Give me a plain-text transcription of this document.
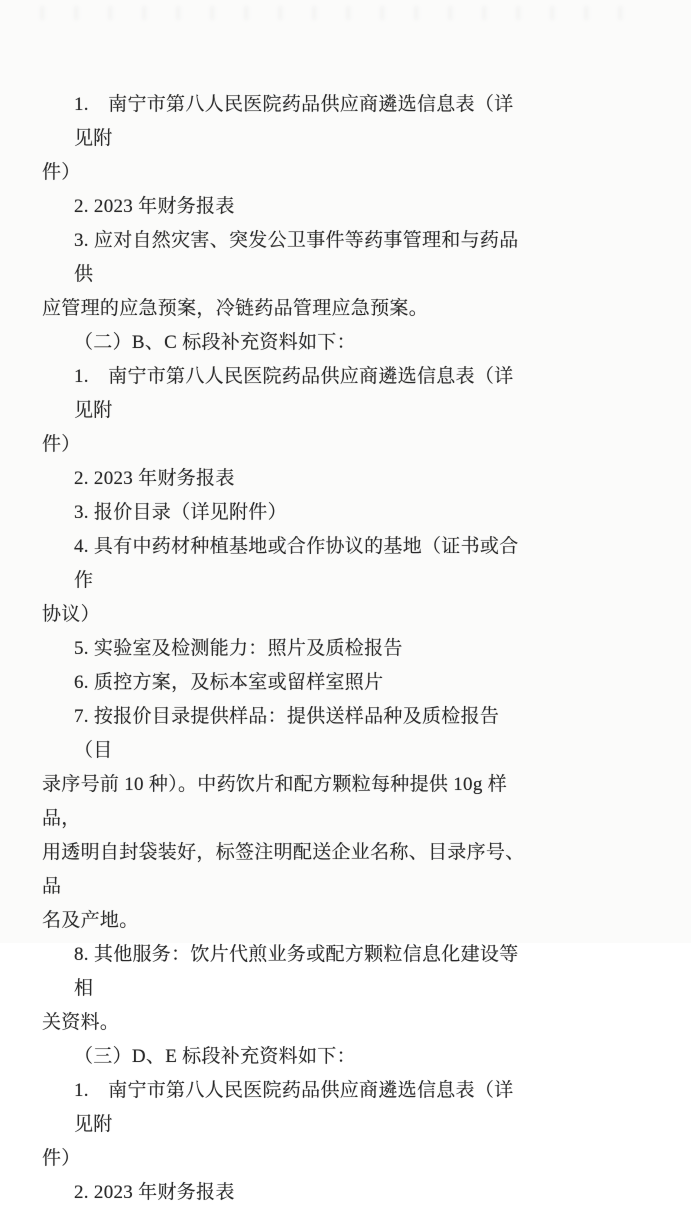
1.　南宁市第八人民医院药品供应商遴选信息表（详见附
件）
2. 2023 年财务报表
3. 应对自然灾害、突发公卫事件等药事管理和与药品供
应管理的应急预案，冷链药品管理应急预案。
（二）B、C 标段补充资料如下：
1.　南宁市第八人民医院药品供应商遴选信息表（详见附
件）
2. 2023 年财务报表
3. 报价目录（详见附件）
4. 具有中药材种植基地或合作协议的基地（证书或合作
协议）
5. 实验室及检测能力：照片及质检报告
6. 质控方案，及标本室或留样室照片
7. 按报价目录提供样品：提供送样品种及质检报告（目
录序号前 10 种）。中药饮片和配方颗粒每种提供 10g 样品，
用透明自封袋装好，标签注明配送企业名称、目录序号、品
名及产地。
8. 其他服务：饮片代煎业务或配方颗粒信息化建设等相
关资料。
（三）D、E 标段补充资料如下：
1.　南宁市第八人民医院药品供应商遴选信息表（详见附
件）
2. 2023 年财务报表
